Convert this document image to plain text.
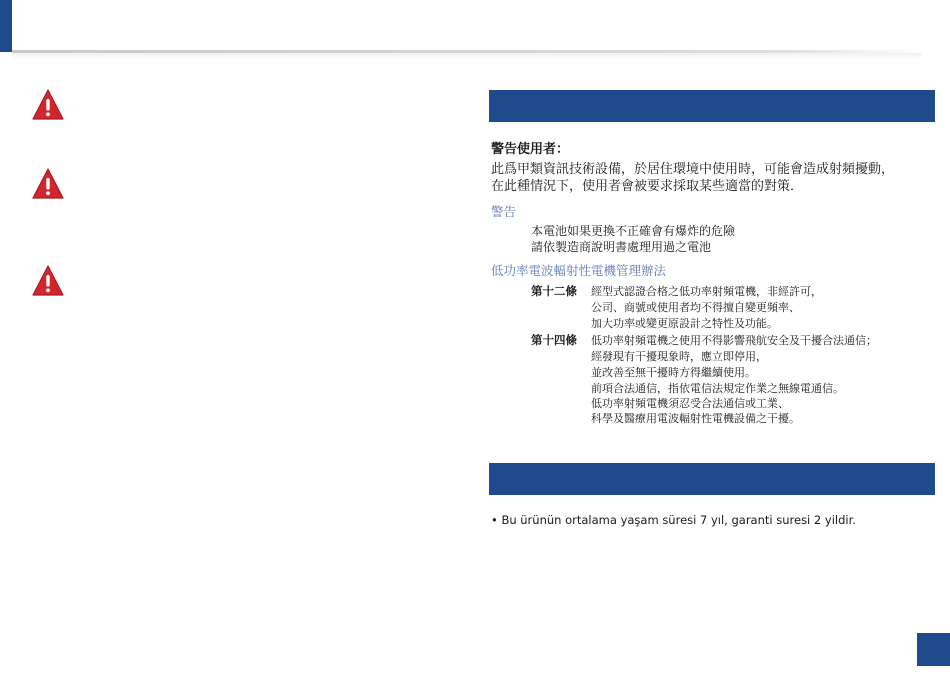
警告使用者：
此爲甲類資訊技術設備，於居住環境中使用時，可能會造成射頻擾動，
在此種情況下，使用者會被要求採取某些適當的對策．
警告
本電池如果更換不正確會有爆炸的危險
請依製造商說明書處理用過之電池
低功率電波輻射性電機管理辦法
第十二條 經型式認證合格之低功率射頻電機，非經許可，
公司、商號或使用者均不得擅自變更頻率、
加大功率或變更原設計之特性及功能。
第十四條 低功率射頻電機之使用不得影響飛航安全及干擾合法通信；
經發現有干擾現象時，應立即停用，
並改善至無干擾時方得繼續使用。
前項合法通信，指依電信法規定作業之無線電通信。
低功率射頻電機須忍受合法通信或工業、
科學及醫療用電波輻射性電機設備之干擾。
• Bu ürünün ortalama yaşam süresi 7 yıl, garanti suresi 2 yildir.
